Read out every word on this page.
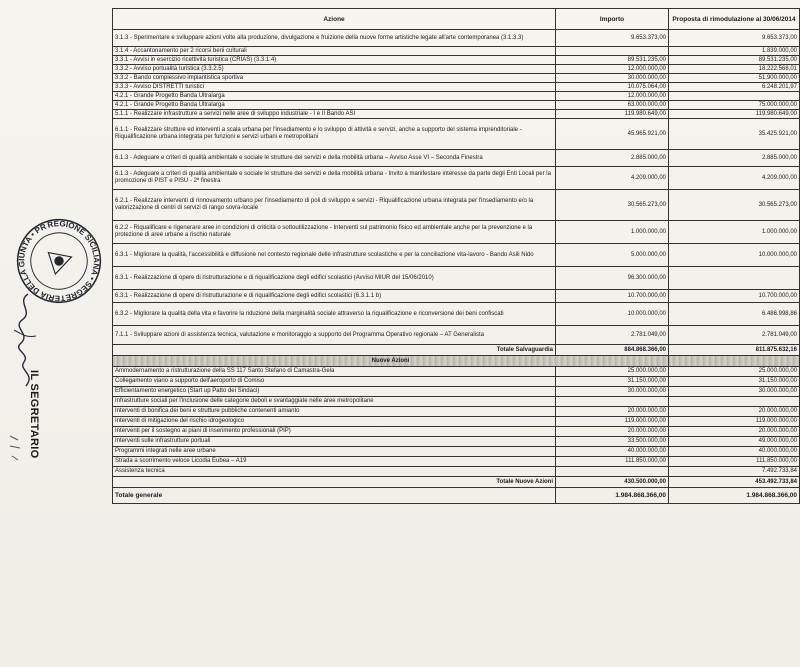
REGIONE SICILIANA • SEGRETERIA DELLA GIUNTA • PRESIDENZA
IL SEGRETARIO
Azione	Importo	Proposta di rimodulazione al 30/06/2014
3.1.3 - Sperimentare e sviluppare azioni volte alla produzione, divulgazione e fruizione della nuove forme artistiche legate all'arte contemporanea (3.1.3.3)	9.653.373,00	9.653.373,00
3.1.4 - Accantonamento per 2 ricorsi beni culturali		1.839.000,00
3.3.1 - Avvisi in esercizio ricettività turistica (CRIAS) (3.3.1.4)	89.531.235,00	89.531.235,00
3.3.2 - Avviso portualità turistica (3.3.2.5)	12.000.000,00	18.222.568,01
3.3.2 - Bando complessivo impiantistica sportiva	30.000.000,00	51.900.000,00
3.3.3 - Avviso DISTRETTI turistici	10.075.064,00	6.248.201,97
4.2.1 - Grande Progetto Banda Ultralarga	12.000.000,00	
4.2.1 - Grande Progetto Banda Ultralarga	63.000.000,00	75.000.000,00
5.1.1 - Realizzare infrastrutture a servizi nelle aree di sviluppo industriale - I e II Bando ASI	119.980.649,00	119.980.649,00
6.1.1 - Realizzare strutture ed interventi a scala urbana per l'insediamento e lo sviluppo di attività e servizi, anche a supporto del sistema imprenditoriale - Riqualificazione urbana integrata per funzioni e servizi urbani e metropolitani	45.965.921,00	35.425.921,00
6.1.3 - Adeguare e criteri di qualità ambientale e sociale le strutture dei servizi e della mobilità urbana – Avviso Asse VI – Seconda Finestra	2.885.000,00	2.885.000,00
6.1.3 - Adeguare a criteri di qualità ambientale e sociale le strutture dei servizi e della mobilità urbana - Invito a manifestare interesse da parte degli Enti Locali per la promozione di PIST e PISU - 2ª finestra	4.209.000,00	4.209.000,00
6.2.1 - Realizzare interventi di rinnovamento urbano per l'insediamento di poli di sviluppo e servizi - Riqualificazione urbana integrata per l'insediamento e/o la valorizzazione di centri di servizi di rango sovra-locale	30.565.273,00	30.565.273,00
6.2.2 - Riqualificare e rigenerare aree in condizioni di criticità o sottoutilizzazione - Interventi sul patrimonio fisico ed ambientale anche per la prevenzione e la protezione di aree urbane a rischio naturale	1.000.000,00	1.000.000,00
6.3.1 - Migliorare la qualità, l'accessibilità e diffusione nel contesto regionale delle infrastrutture scolastiche e per la conciliazione vita-lavoro - Bando Asili Nido	5.000.000,00	10.000.000,00
6.3.1 - Realizzazione di opere di ristrutturazione e di riqualificazione degli edifici scolastici (Avviso MIUR del 15/06/2010)	96.300.000,00	
6.3.1 - Realizzazione di opere di ristrutturazione e di riqualificazione degli edifici scolastici (6.3.1.1 b)	10.700.000,00	10.700.000,00
6.3.2 - Migliorare la qualità della vita e favorire la riduzione della marginalità sociale attraverso la riqualificazione e riconversione dei beni confiscati	10.000.000,00	6.486.998,86
7.1.1 - Sviluppare azioni di assistenza tecnica, valutazione e monitoraggio a supporto del Programma Operativo regionale – AT Generalista	2.781.049,00	2.781.049,00
Totale Salvaguardia	884.868.366,00	811.875.632,16
Nuove Azioni		
Ammodernamento a ristrutturazione della SS 117 Santo Stefano di Camastra-Gela	25.000.000,00	25.000.000,00
Collegamento viario a supporto dell'aeroporto di Comiso	31.150.000,00	31.150.000,00
Efficientamento energetico (Start up Patto dei Sindaci)	30.000.000,00	30.000.000,00
Infrastrutture sociali per l'inclusione delle categorie deboli e svantaggiate nelle aree metropolitane		
Interventi di bonifica dei beni e strutture pubbliche contenenti amianto	20.000.000,00	20.000.000,00
Interventi di mitigazione del rischio idrogeologico	119.000.000,00	119.000.000,00
Interventi per il sostegno ai piani di inserimento professionali (PIP)	20.000.000,00	20.000.000,00
Interventi sulle infrastrutture portuali	33.500.000,00	49.000.000,00
Programmi integrati nelle aree urbane	40.000.000,00	40.000.000,00
Strada a scorrimento veloce Licodia Eubea – A19	111.850.000,00	111.850.000,00
Assistenza tecnica		7.492.733,84
Totale Nuove Azioni	430.500.000,00	453.492.733,84
Totale generale	1.984.868.366,00	1.984.868.366,00
